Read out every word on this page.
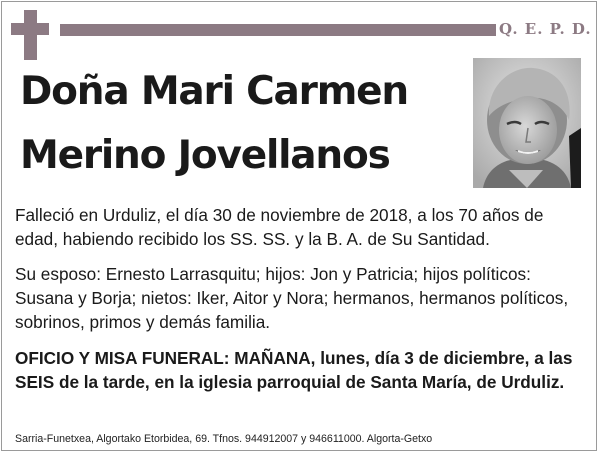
Q. E. P. D.
Doña Mari Carmen
Merino Jovellanos
Falleció en Urduliz, el día 30 de noviembre de 2018, a los 70 años de edad, habiendo recibido los SS. SS. y la B. A. de Su Santidad.
Su esposo: Ernesto Larrasquitu; hijos: Jon y Patricia; hijos políticos: Susana y Borja; nietos: Iker, Aitor y Nora; hermanos, hermanos políticos, sobrinos, primos y demás familia.
OFICIO Y MISA FUNERAL: MAÑANA, lunes, día 3 de diciembre, a las SEIS de la tarde, en la iglesia parroquial de Santa María, de Urduliz.
Sarria-Funetxea, Algortako Etorbidea, 69. Tfnos. 944912007 y 946611000. Algorta-Getxo
